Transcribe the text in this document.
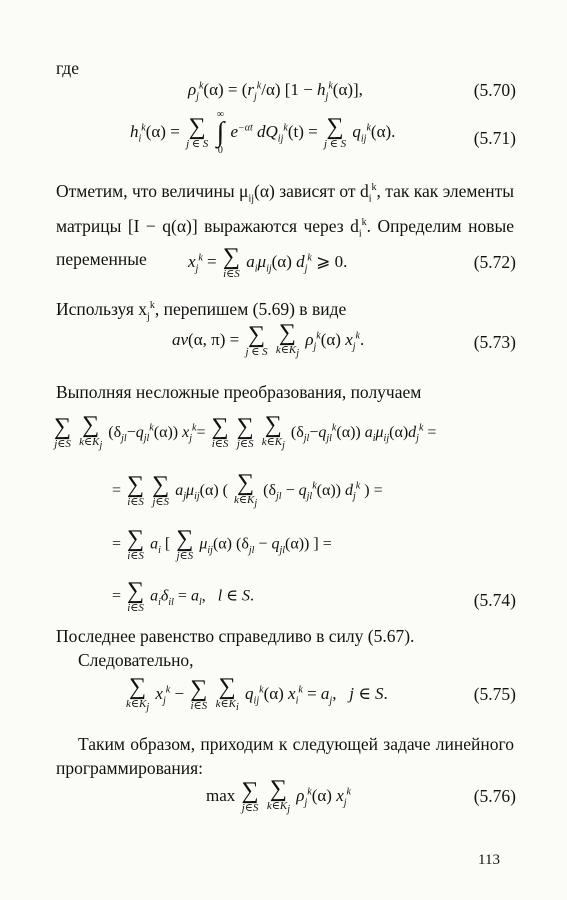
где
$\rho_j^k(\alpha) = (r_j^k/\alpha) [1 - h_j^k(\alpha)]$,	(5.70)
$h_i^k(\alpha)$ = ∑
j ∈ S

∞
∫
0
$e^{-\alpha t}$ $dQ_{ij}^k(t)$ = ∑
j ∈ S
$q_{ij}^k(\alpha)$.	(5.71)
Отметим, что величины $\mu_{ij}(\alpha)$ зависят от $d_i^k$, так как элементы матрицы [I − q(α)] выражаются через $d_i^k$. Определим новые переменные	$x_j^k$ = ∑
i∈S
$a_i\mu_{ij}(\alpha)$ $d_j^k$ ⩾ 0.	(5.72)
Используя $x_j^k$, перепишем (5.69) в виде
av(α, π) = ∑
j ∈ S

∑
$k\in K_j$
$\rho_j^k(\alpha)$ $x_j^k$.	(5.73)
Выполняя несложные преобразования, получаем
∑
j∈S

∑
$k\in K_j$
$(\delta_{jl}-q_{jl}^k(\alpha))$ $x_j^k=$ ∑
i∈S

∑
j∈S

∑
$k\in K_j$
$(\delta_{jl}-q_{jl}^k(\alpha)) a_i\mu_{ij}(\alpha)d_j^k$ =
= ∑
i∈S

∑
j∈S
$a_j\mu_{ij}(\alpha)$ ( ∑
$k\in K_j$
$(\delta_{jl} - q_{jl}^k(\alpha))$ $d_j^k$ ) =
= ∑
i∈S
$a_i$ [ ∑
j∈S
$\mu_{ij}(\alpha) (\delta_{jl} - q_{jl}(\alpha))$ ] =
= ∑
i∈S
$a_i\delta_{il} = a_l$,   l ∈ S.	(5.74)
Последнее равенство справедливо в силу (5.67).
Следовательно,
∑
$k\in K_j$
$x_j^k$ − ∑
i∈S

∑
$k\in K_i$
$q_{ij}^k(\alpha) x_i^k = a_j$,   j ∈ S.	(5.75)
Таким образом, приходим к следующей задаче линейного программирования:
max ∑
j∈S

∑
$k\in K_j$
$\rho_j^k(\alpha)$ $x_j^k$	(5.76)
113
